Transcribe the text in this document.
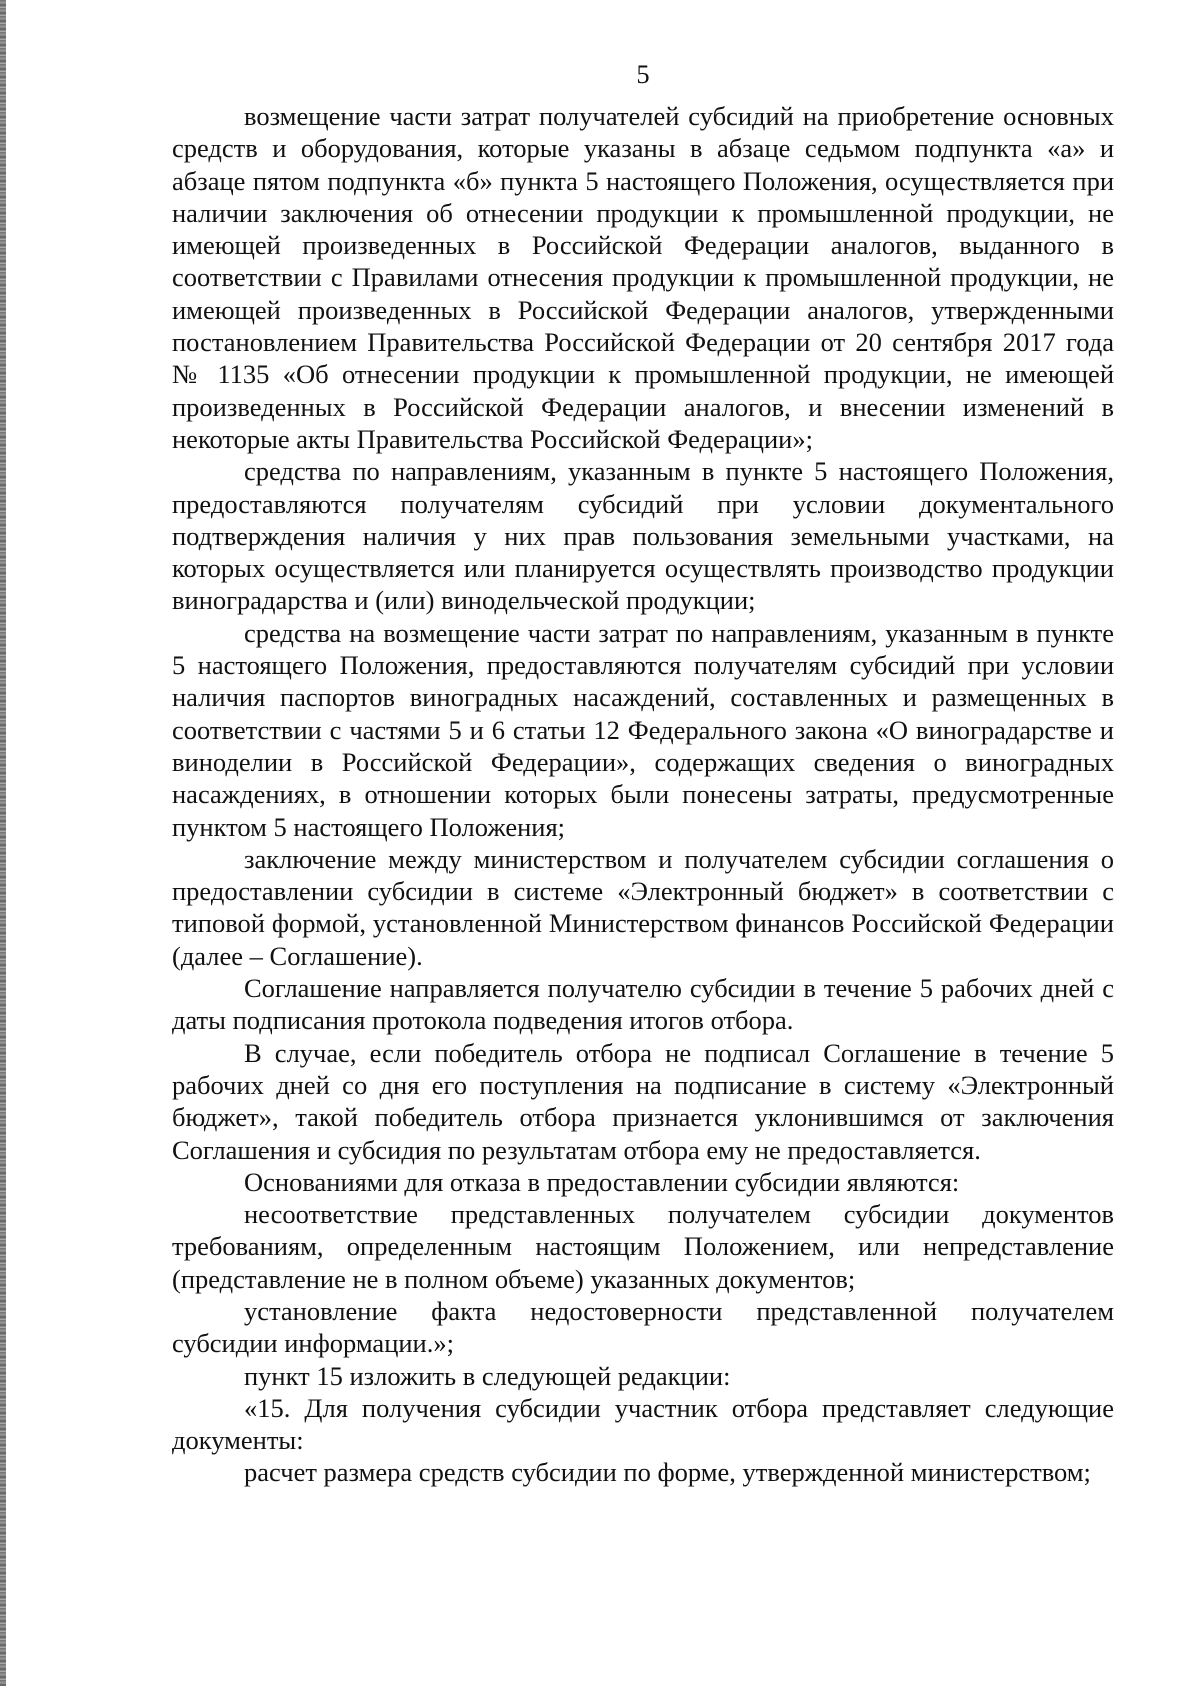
5

возмещение части затрат получателей субсидий на приобретение основных средств и оборудования, которые указаны в абзаце седьмом подпункта «а» и абзаце пятом подпункта «б» пункта 5 настоящего Положения, осуществляется при наличии заключения об отнесении продукции к промышленной продукции, не имеющей произведенных в Российской Федерации аналогов, выданного в соответствии с Правилами отнесения продукции к промышленной продукции, не имеющей произведенных в Российской Федерации аналогов, утвержденными постановлением Правительства Российской Федерации от 20 сентября 2017 года № 1135 «Об отнесении продукции к промышленной продукции, не имеющей произведенных в Российской Федерации аналогов, и внесении изменений в некоторые акты Правительства Российской Федерации»;

средства по направлениям, указанным в пункте 5 настоящего Положения, предоставляются получателям субсидий при условии документального подтверждения наличия у них прав пользования земельными участками, на которых осуществляется или планируется осуществлять производство продукции виноградарства и (или) винодельческой продукции;

средства на возмещение части затрат по направлениям, указанным в пункте 5 настоящего Положения, предоставляются получателям субсидий при условии наличия паспортов виноградных насаждений, составленных и размещенных в соответствии с частями 5 и 6 статьи 12 Федерального закона «О виноградарстве и виноделии в Российской Федерации», содержащих сведения о виноградных насаждениях, в отношении которых были понесены затраты, предусмотренные пунктом 5 настоящего Положения;

заключение между министерством и получателем субсидии соглашения о предоставлении субсидии в системе «Электронный бюджет» в соответствии с типовой формой, установленной Министерством финансов Российской Федерации (далее – Соглашение).

Соглашение направляется получателю субсидии в течение 5 рабочих дней с даты подписания протокола подведения итогов отбора.

В случае, если победитель отбора не подписал Соглашение в течение 5 рабочих дней со дня его поступления на подписание в систему «Электронный бюджет», такой победитель отбора признается уклонившимся от заключения Соглашения и субсидия по результатам отбора ему не предоставляется.

Основаниями для отказа в предоставлении субсидии являются:

несоответствие представленных получателем субсидии документов требованиям, определенным настоящим Положением, или непредставление (представление не в полном объеме) указанных документов;

установление факта недостоверности представленной получателем субсидии информации.»;

пункт 15 изложить в следующей редакции:

«15. Для получения субсидии участник отбора представляет следующие документы:

расчет размера средств субсидии по форме, утвержденной министерством;
